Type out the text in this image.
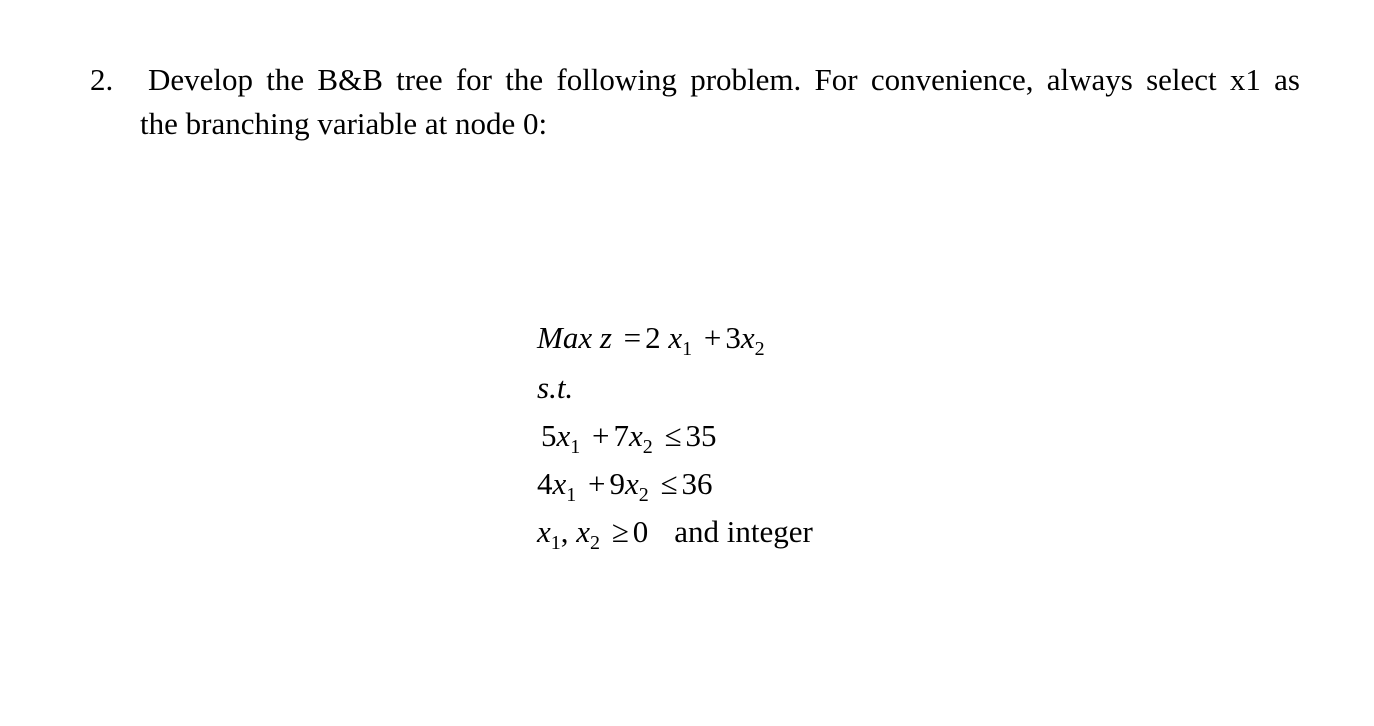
2.	Develop the B&B tree for the following problem. For convenience, always select x1 as
the branching variable at node 0:
Max z = 2 $x_1 + 3x_2$
s.t.
$5x_1 + 7x_2 \le 35$
$4x_1 + 9x_2 \le 36$
$x_1$, $x_2 \ge 0$ and integer
